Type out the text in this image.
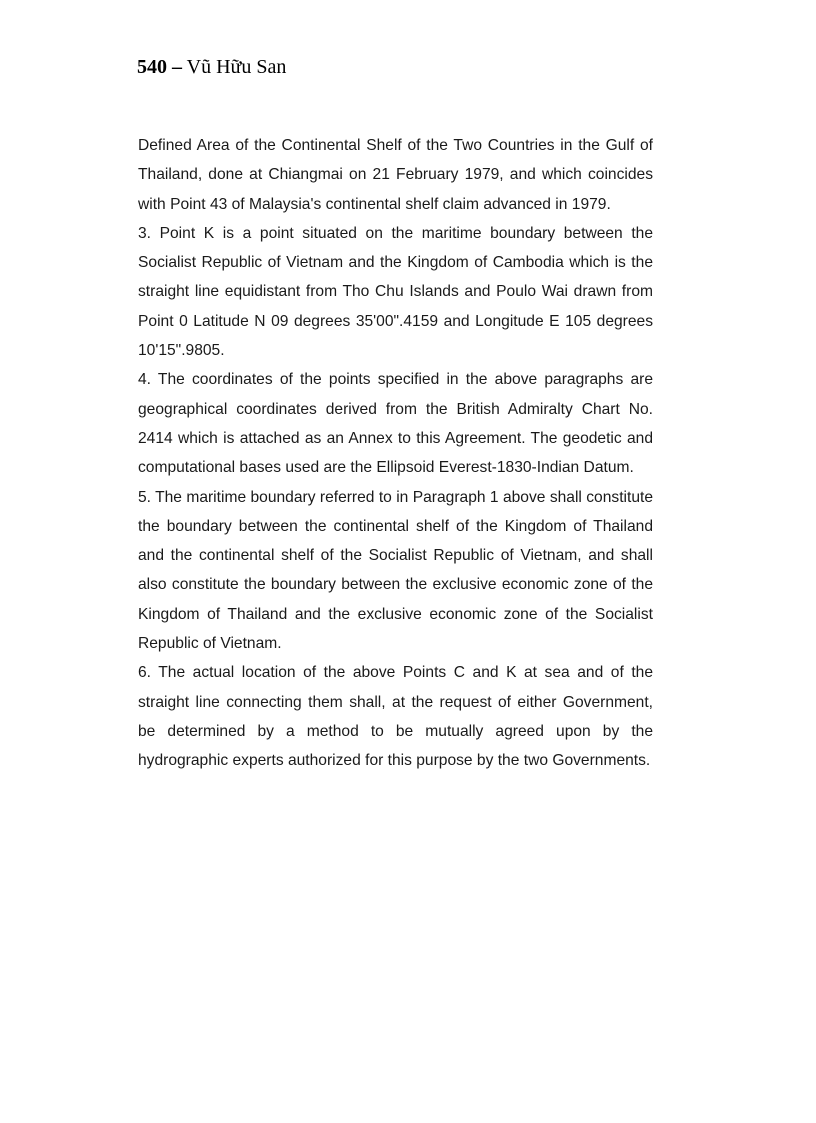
540 – Vũ Hữu San

Defined Area of the Continental Shelf of the Two Countries in the Gulf of Thailand, done at Chiangmai on 21 February 1979, and which coincides with Point 43 of Malaysia's continental shelf claim advanced in 1979.

3. Point K is a point situated on the maritime boundary between the Socialist Republic of Vietnam and the Kingdom of Cambodia which is the straight line equidistant from Tho Chu Islands and Poulo Wai drawn from Point 0 Latitude N 09 degrees 35'00".4159 and Longitude E 105 degrees 10'15".9805.

4. The coordinates of the points specified in the above paragraphs are geographical coordinates derived from the British Admiralty Chart No. 2414 which is attached as an Annex to this Agreement. The geodetic and computational bases used are the Ellipsoid Everest-1830-Indian Datum.

5. The maritime boundary referred to in Paragraph 1 above shall constitute the boundary between the continental shelf of the Kingdom of Thailand and the continental shelf of the Socialist Republic of Vietnam, and shall also constitute the boundary between the exclusive economic zone of the Kingdom of Thailand and the exclusive economic zone of the Socialist Republic of Vietnam.

6. The actual location of the above Points C and K at sea and of the straight line connecting them shall, at the request of either Government, be determined by a method to be mutually agreed upon by the hydrographic experts authorized for this purpose by the two Governments.
